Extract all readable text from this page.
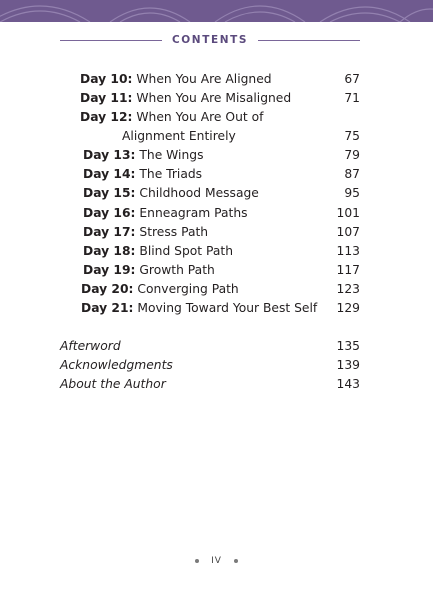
CONTENTS
Day 10: When You Are Aligned	67
Day 11: When You Are Misaligned	71
Day 12: When You Are Out of
Alignment Entirely	75
Day 13: The Wings	79
Day 14: The Triads	87
Day 15: Childhood Message	95
Day 16: Enneagram Paths	101
Day 17: Stress Path	107
Day 18: Blind Spot Path	113
Day 19: Growth Path	117
Day 20: Converging Path	123
Day 21: Moving Toward Your Best Self 129
Afterword	135
Acknowledgments	139
About the Author	143
IV
